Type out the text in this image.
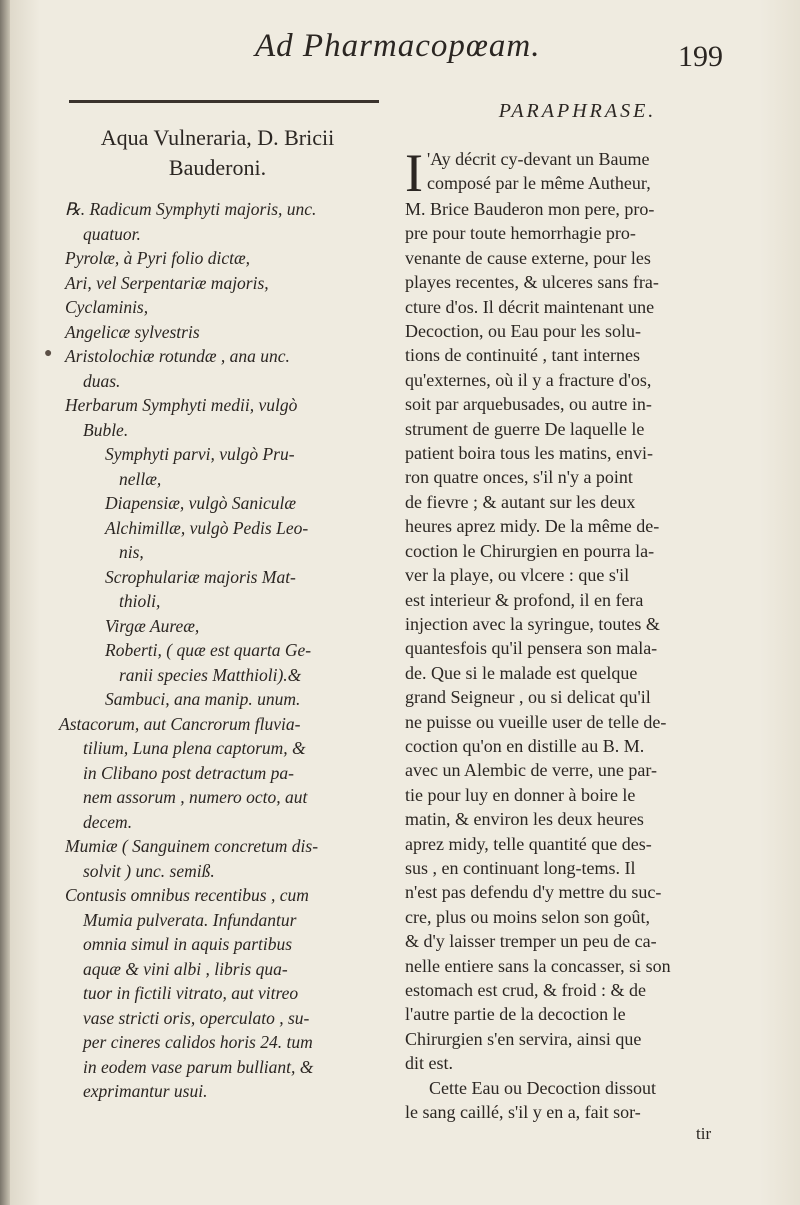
Ad Pharmacopœam.	199
●
Aqua Vulneraria, D. Bricii
Bauderoni.
℞. Radicum Symphyti majoris, unc.
quatuor.
Pyrolæ, à Pyri folio dictæ,
Ari, vel Serpentariæ majoris,
Cyclaminis,
Angelicæ sylvestris
Aristolochiæ rotundæ , ana unc.
duas.
Herbarum Symphyti medii, vulgò
Buble.
Symphyti parvi, vulgò Pru-
nellæ,
Diapensiæ, vulgò Saniculæ
Alchimillæ, vulgò Pedis Leo-
nis,
Scrophulariæ majoris Mat-
thioli,
Virgæ Aureæ,
Roberti, ( quæ est quarta Ge-
ranii species Matthioli).&
Sambuci, ana manip. unum.
Astacorum, aut Cancrorum fluvia-
tilium, Luna plena captorum, &
in Clibano post detractum pa-
nem assorum , numero octo, aut
decem.
Mumiæ ( Sanguinem concretum dis-
solvit ) unc. semiß.
Contusis omnibus recentibus , cum
Mumia pulverata. Infundantur
omnia simul in aquis partibus
aquæ & vini albi , libris qua-
tuor in fictili vitrato, aut vitreo
vase stricti oris, operculato , su-
per cineres calidos horis 24. tum
in eodem vase parum bulliant, &
exprimantur usui.
PARAPHRASE.
I 'Ay décrit cy-devant un Baume
composé par le même Autheur,
M. Brice Bauderon mon pere, pro-
pre pour toute hemorrhagie pro-
venante de cause externe, pour les
playes recentes, & ulceres sans fra-
cture d'os. Il décrit maintenant une
Decoction, ou Eau pour les solu-
tions de continuité , tant internes
qu'externes, où il y a fracture d'os,
soit par arquebusades, ou autre in-
strument de guerre De laquelle le
patient boira tous les matins, envi-
ron quatre onces, s'il n'y a point
de fievre ; & autant sur les deux
heures aprez midy. De la même de-
coction le Chirurgien en pourra la-
ver la playe, ou vlcere : que s'il
est interieur & profond, il en fera
injection avec la syringue, toutes &
quantesfois qu'il pensera son mala-
de. Que si le malade est quelque
grand Seigneur , ou si delicat qu'il
ne puisse ou vueille user de telle de-
coction qu'on en distille au B. M.
avec un Alembic de verre, une par-
tie pour luy en donner à boire le
matin, & environ les deux heures
aprez midy, telle quantité que des-
sus , en continuant long-tems. Il
n'est pas defendu d'y mettre du suc-
cre, plus ou moins selon son goût,
& d'y laisser tremper un peu de ca-
nelle entiere sans la concasser, si son
estomach est crud, & froid : & de
l'autre partie de la decoction le
Chirurgien s'en servira, ainsi que
dit est.
Cette Eau ou Decoction dissout
le sang caillé, s'il y en a, fait sor-
tir
